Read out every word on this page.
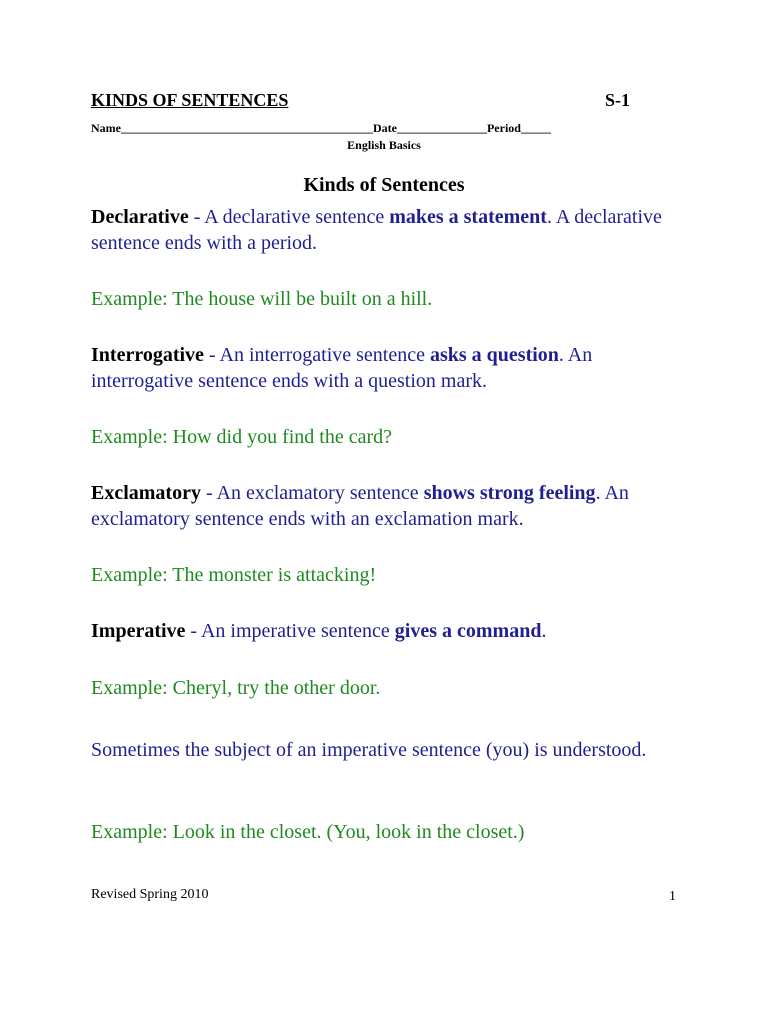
KINDS OF SENTENCES	S-1
Name__________________________________________Date_______________Period_____
English Basics
Kinds of Sentences
Declarative - A declarative sentence makes a statement. A declarative sentence ends with a period.
Example: The house will be built on a hill.
Interrogative - An interrogative sentence asks a question. An interrogative sentence ends with a question mark.
Example: How did you find the card?
Exclamatory - An exclamatory sentence shows strong feeling. An exclamatory sentence ends with an exclamation mark.
Example: The monster is attacking!
Imperative - An imperative sentence gives a command.
Example: Cheryl, try the other door.
Sometimes the subject of an imperative sentence (you) is understood.
Example: Look in the closet. (You, look in the closet.)
Revised Spring 2010	1
